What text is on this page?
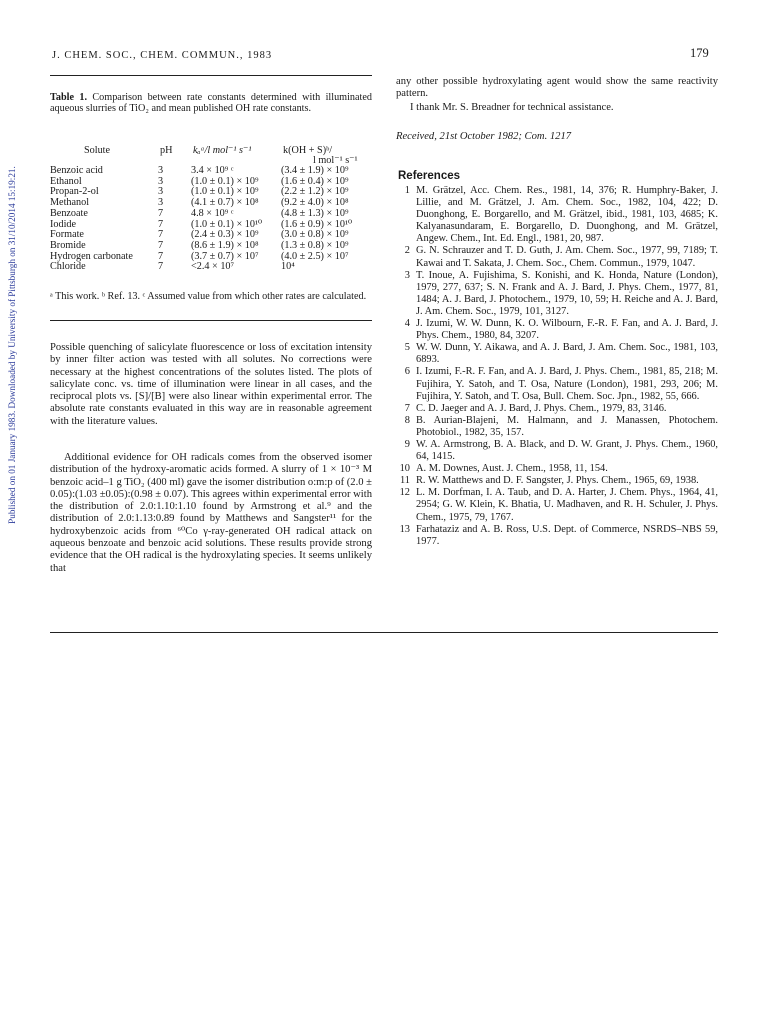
Published on 01 January 1983. Downloaded by University of Pittsburgh on 31/10/2014 15:19:21.
J. CHEM. SOC., CHEM. COMMUN., 1983	179
Table 1. Comparison between rate constants determined with illuminated aqueous slurries of TiO₂ and mean published OH rate constants.
Solute	pH kₐᵃ/l mol⁻¹ s⁻¹	k(OH + S)ᵇ/
l mol⁻¹ s⁻¹
Benzoic acid	3	3.4 × 10⁹ ᶜ	(3.4 ± 1.9) × 10⁹
Ethanol	3	(1.0 ± 0.1) × 10⁹	(1.6 ± 0.4) × 10⁹
Propan-2-ol	3	(1.0 ± 0.1) × 10⁹	(2.2 ± 1.2) × 10⁹
Methanol	3	(4.1 ± 0.7) × 10⁸	(9.2 ± 4.0) × 10⁸
Benzoate	7	4.8 × 10⁹ ᶜ	(4.8 ± 1.3) × 10⁹
Iodide	7	(1.0 ± 0.1) × 10¹⁰	(1.6 ± 0.9) × 10¹⁰
Formate	7	(2.4 ± 0.3) × 10⁹	(3.0 ± 0.8) × 10⁹
Bromide	7	(8.6 ± 1.9) × 10⁸	(1.3 ± 0.8) × 10⁹
Hydrogen carbonate	7	(3.7 ± 0.7) × 10⁷	(4.0 ± 2.5) × 10⁷
Chloride	7	<2.4 × 10⁷	10⁴
ᵃ This work. ᵇ Ref. 13. ᶜ Assumed value from which other rates are calculated.
Possible quenching of salicylate fluorescence or loss of excitation intensity by inner filter action was tested with all solutes. No corrections were necessary at the highest concentrations of the solutes listed. The plots of salicylate conc. vs. time of illumination were linear in all cases, and the reciprocal plots vs. [S]/[B] were also linear within experimental error. The absolute rate constants evaluated in this way are in reasonable agreement with the literature values.
Additional evidence for OH radicals comes from the observed isomer distribution of the hydroxy-aromatic acids formed. A slurry of 1 × 10⁻³ M benzoic acid–1 g TiO₂ (400 ml) gave the isomer distribution o:m:p of (2.0 ± 0.05):(1.03 ±0.05):(0.98 ± 0.07). This agrees within experimental error with the distribution of 2.0:1.10:1.10 found by Armstrong et al.⁹ and the distribution of 2.0:1.13:0.89 found by Matthews and Sangster¹¹ for the hydroxybenzoic acids from ⁶⁰Co γ-ray-generated OH radical attack on aqueous benzoate and benzoic acid solutions. These results provide strong evidence that the OH radical is the hydroxylating species. It seems unlikely that
any other possible hydroxylating agent would show the same reactivity pattern.
I thank Mr. S. Breadner for technical assistance.
Received, 21st October 1982; Com. 1217
References
1 M. Grätzel, Acc. Chem. Res., 1981, 14, 376; R. Humphry-Baker, J. Lillie, and M. Grätzel, J. Am. Chem. Soc., 1982, 104, 422; D. Duonghong, E. Borgarello, and M. Grätzel, ibid., 1981, 103, 4685; K. Kalyanasundaram, E. Borgarello, D. Duonghong, and M. Grätzel, Angew. Chem., Int. Ed. Engl., 1981, 20, 987.
2 G. N. Schrauzer and T. D. Guth, J. Am. Chem. Soc., 1977, 99, 7189; T. Kawai and T. Sakata, J. Chem. Soc., Chem. Commun., 1979, 1047.
3 T. Inoue, A. Fujishima, S. Konishi, and K. Honda, Nature (London), 1979, 277, 637; S. N. Frank and A. J. Bard, J. Phys. Chem., 1977, 81, 1484; A. J. Bard, J. Photochem., 1979, 10, 59; H. Reiche and A. J. Bard, J. Am. Chem. Soc., 1979, 101, 3127.
4 J. Izumi, W. W. Dunn, K. O. Wilbourn, F.-R. F. Fan, and A. J. Bard, J. Phys. Chem., 1980, 84, 3207.
5 W. W. Dunn, Y. Aikawa, and A. J. Bard, J. Am. Chem. Soc., 1981, 103, 6893.
6 I. Izumi, F.-R. F. Fan, and A. J. Bard, J. Phys. Chem., 1981, 85, 218; M. Fujihira, Y. Satoh, and T. Osa, Nature (London), 1981, 293, 206; M. Fujihira, Y. Satoh, and T. Osa, Bull. Chem. Soc. Jpn., 1982, 55, 666.
7 C. D. Jaeger and A. J. Bard, J. Phys. Chem., 1979, 83, 3146.
8 B. Aurian-Blajeni, M. Halmann, and J. Manassen, Photochem. Photobiol., 1982, 35, 157.
9 W. A. Armstrong, B. A. Black, and D. W. Grant, J. Phys. Chem., 1960, 64, 1415.
10 A. M. Downes, Aust. J. Chem., 1958, 11, 154.
11 R. W. Matthews and D. F. Sangster, J. Phys. Chem., 1965, 69, 1938.
12 L. M. Dorfman, I. A. Taub, and D. A. Harter, J. Chem. Phys., 1964, 41, 2954; G. W. Klein, K. Bhatia, U. Madhaven, and R. H. Schuler, J. Phys. Chem., 1975, 79, 1767.
13 Farhataziz and A. B. Ross, U.S. Dept. of Commerce, NSRDS–NBS 59, 1977.
